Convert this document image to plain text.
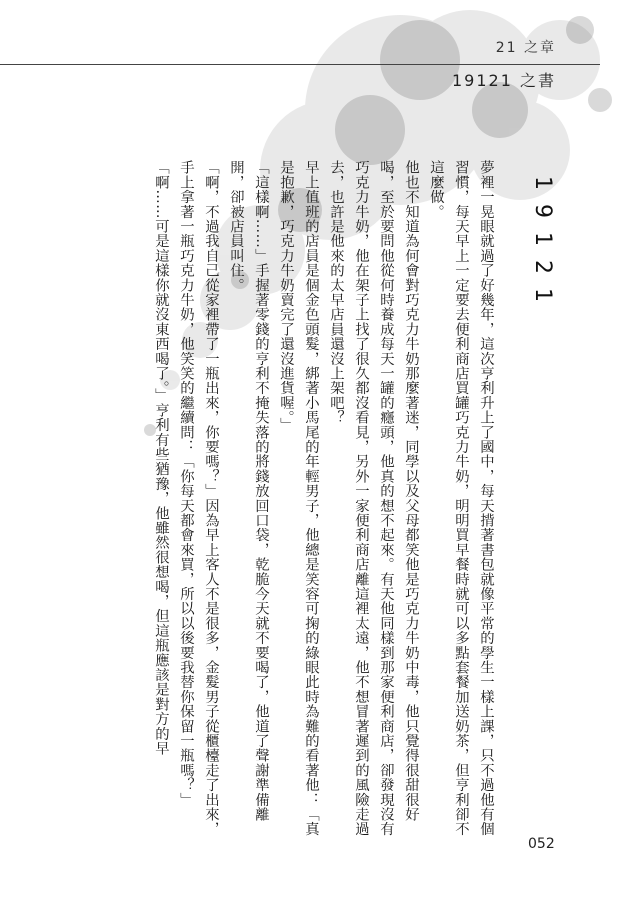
21 之章
19121 之書
19121

夢裡一晃眼就過了好幾年，這次亨利升上了國中，每天揹著書包就像平常的學生一樣上課，只不過他有個習慣，每天早上一定要去便利商店買罐巧克力牛奶，明明買早餐時就可以多點套餐加送奶茶，但亨利卻不這麼做。

他也不知道為何會對巧克力牛奶那麼著迷，同學以及父母都笑他是巧克力牛奶中毒，他只覺得很甜很好喝，至於要問他從何時養成每天一罐的癮頭，他真的想不起來。有天他同樣到那家便利商店，卻發現沒有巧克力牛奶，他在架子上找了很久都沒看見，另外一家便利商店離這裡太遠，他不想冒著遲到的風險走過去，也許是他來的太早店員還沒上架吧？

早上值班的店員是個金色頭髮，綁著小馬尾的年輕男子，他總是笑容可掬的綠眼此時為難的看著他：「真是抱歉，巧克力牛奶賣完了還沒進貨喔。」

「這樣啊……」手握著零錢的亨利不掩失落的將錢放回口袋，乾脆今天就不要喝了，他道了聲謝準備離開，卻被店員叫住。

「啊，不過我自己從家裡帶了一瓶出來，你要嗎？」因為早上客人不是很多，金髮男子從櫃檯走了出來，手上拿著一瓶巧克力牛奶，他笑笑的繼續問：「你每天都會來買，所以以後要我替你保留一瓶嗎？」

「啊……可是這樣你就沒東西喝了。」亨利有些猶豫，他雖然很想喝，但這瓶應該是對方的早

052
